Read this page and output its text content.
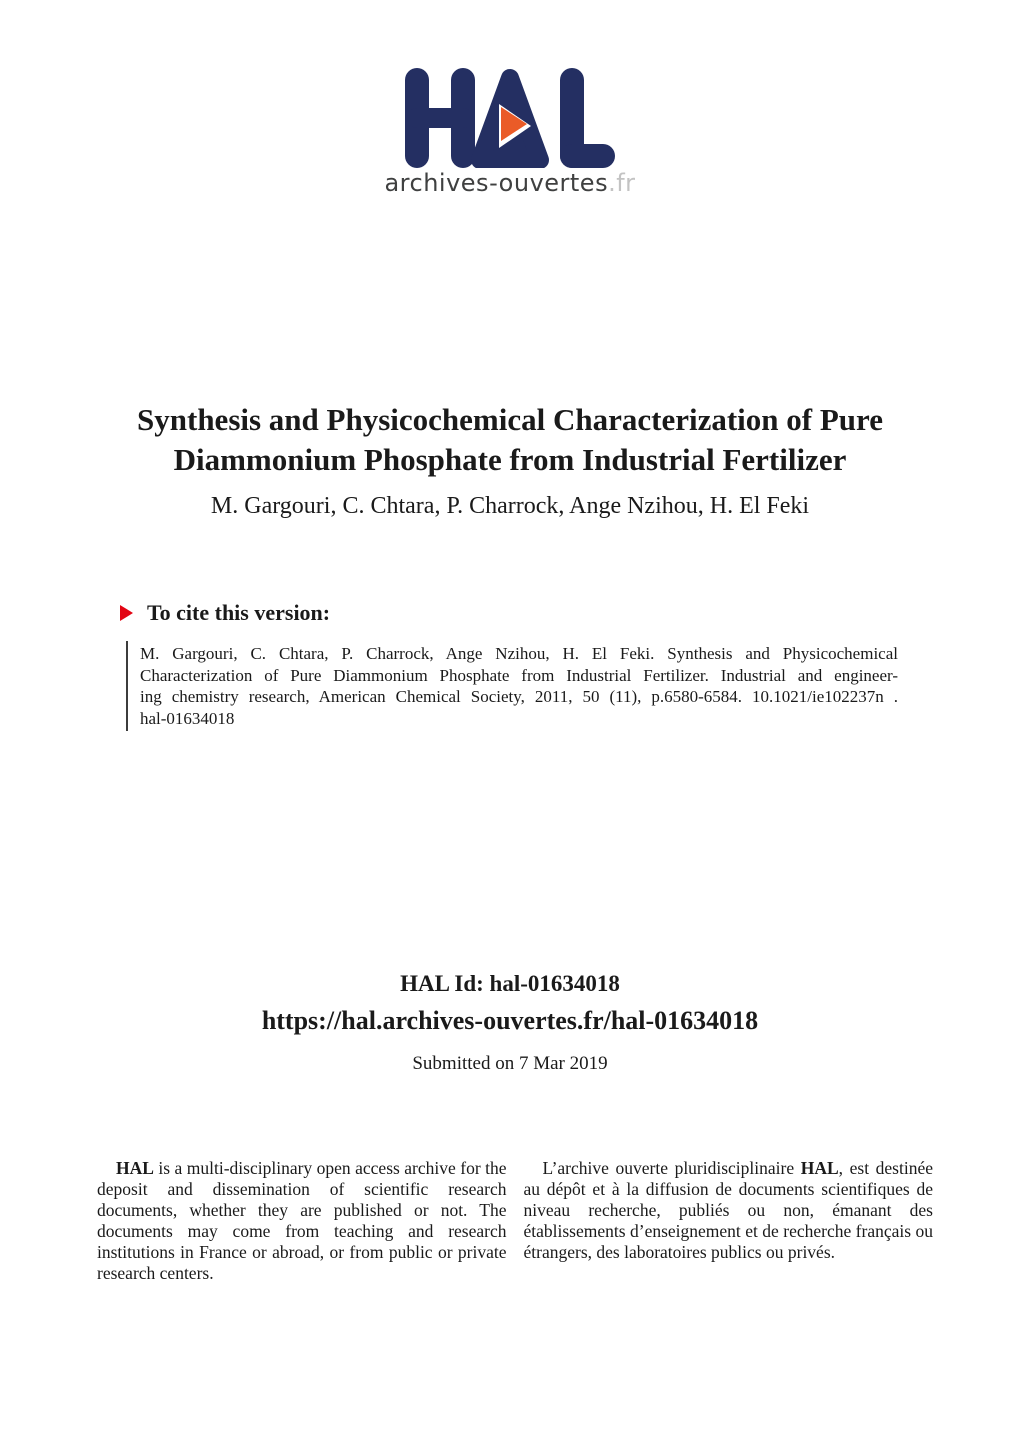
archives-ouvertes.fr
Synthesis and Physicochemical Characterization of Pure
Diammonium Phosphate from Industrial Fertilizer
M. Gargouri, C. Chtara, P. Charrock, Ange Nzihou, H. El Feki
To cite this version:
M. Gargouri, C. Chtara, P. Charrock, Ange Nzihou, H. El Feki. Synthesis and Physicochemical
Characterization of Pure Diammonium Phosphate from Industrial Fertilizer. Industrial and engineer-
ing chemistry research, American Chemical Society, 2011, 50 (11), p.6580-6584. 10.1021/ie102237n .
hal-01634018
HAL Id: hal-01634018
https://hal.archives-ouvertes.fr/hal-01634018
Submitted on 7 Mar 2019

HAL is a multi-disciplinary open access archive for the deposit and dissemination of scientific research documents, whether they are published or not. The documents may come from teaching and research institutions in France or abroad, or from public or private research centers.

L’archive ouverte pluridisciplinaire HAL, est destinée au dépôt et à la diffusion de documents scientifiques de niveau recherche, publiés ou non, émanant des établissements d’enseignement et de recherche français ou étrangers, des laboratoires publics ou privés.
